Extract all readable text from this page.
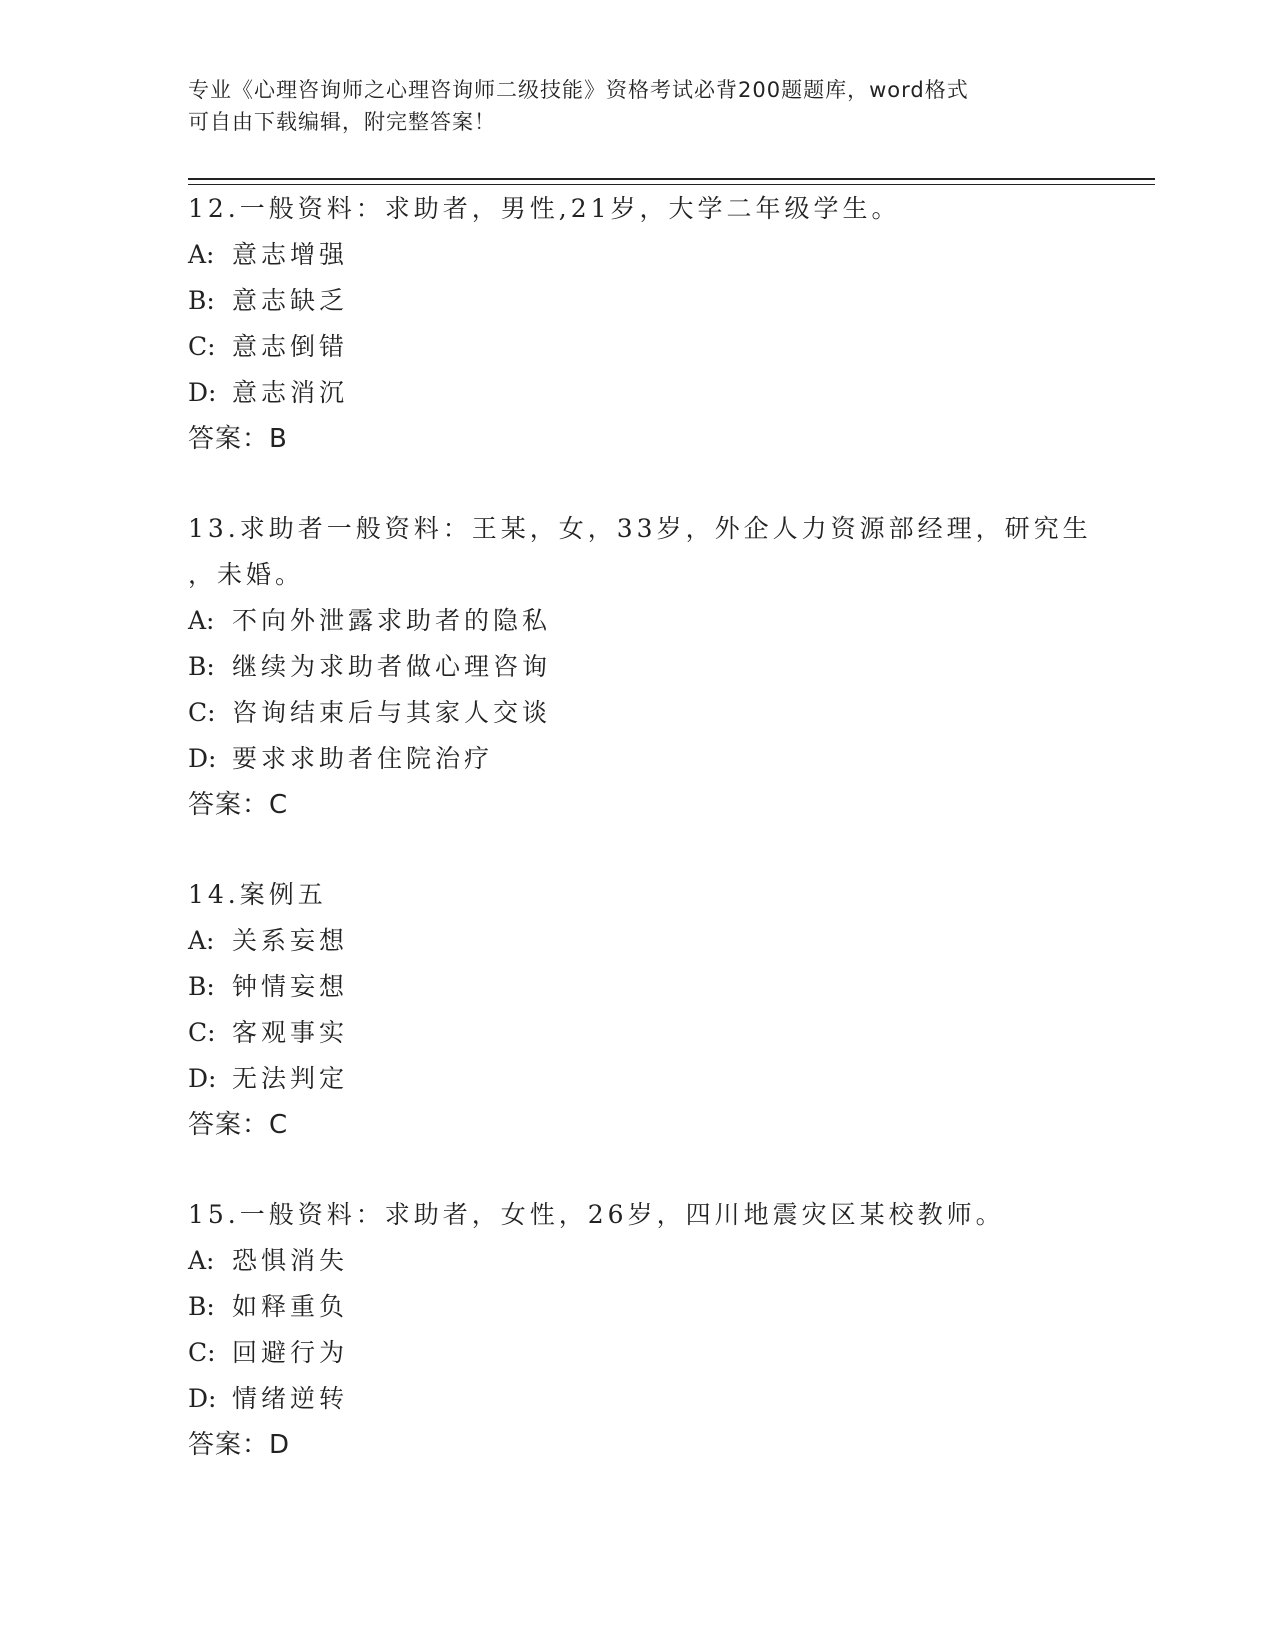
专业《心理咨询师之心理咨询师二级技能》资格考试必背200题题库，word格式
可自由下载编辑，附完整答案！
12.一般资料：求助者，男性,21岁，大学二年级学生。
A: 意志增强
B: 意志缺乏
C: 意志倒错
D: 意志消沉
答案：B
13.求助者一般资料：王某，女，33岁，外企人力资源部经理，研究生
，未婚。
A: 不向外泄露求助者的隐私
B: 继续为求助者做心理咨询
C: 咨询结束后与其家人交谈
D: 要求求助者住院治疗
答案：C
14.案例五
A: 关系妄想
B: 钟情妄想
C: 客观事实
D: 无法判定
答案：C
15.一般资料：求助者，女性，26岁，四川地震灾区某校教师。
A: 恐惧消失
B: 如释重负
C: 回避行为
D: 情绪逆转
答案：D
